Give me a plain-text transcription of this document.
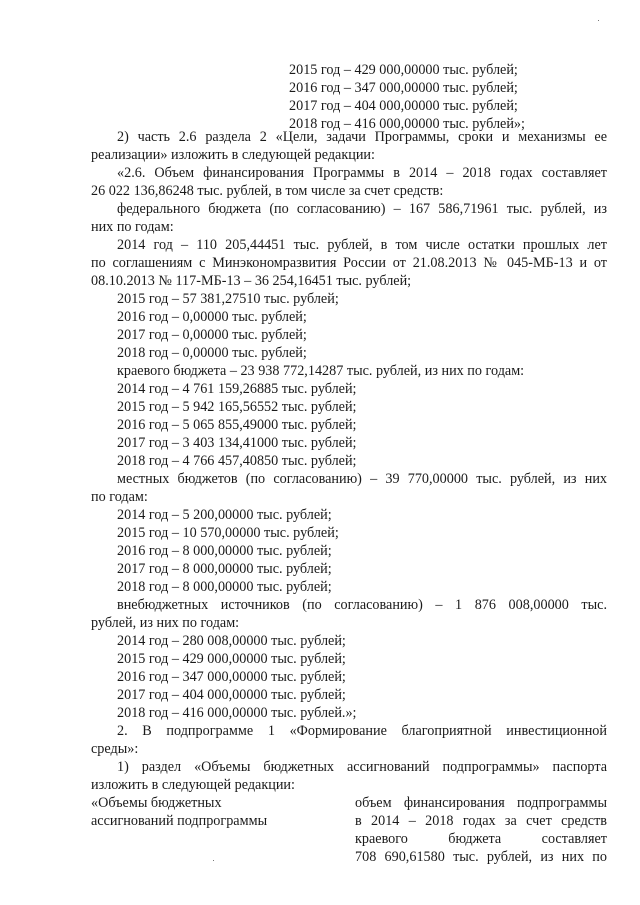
2015 год – 429 000,00000 тыс. рублей;
2016 год – 347 000,00000 тыс. рублей;
2017 год – 404 000,00000 тыс. рублей;
2018 год – 416 000,00000 тыс. рублей»;
2) часть 2.6 раздела 2 «Цели, задачи Программы, сроки и механизмы ее
реализации» изложить в следующей редакции:
«2.6. Объем финансирования Программы в 2014 – 2018 годах составляет
26 022 136,86248 тыс. рублей, в том числе за счет средств:
федерального бюджета (по согласованию) – 167 586,71961 тыс. рублей, из
них по годам:
2014 год – 110 205,44451 тыс. рублей, в том числе остатки прошлых лет
по соглашениям с Минэкономразвития России от 21.08.2013 № 045-МБ-13 и от
08.10.2013 № 117-МБ-13 – 36 254,16451 тыс. рублей;
2015 год – 57 381,27510 тыс. рублей;
2016 год – 0,00000 тыс. рублей;
2017 год – 0,00000 тыс. рублей;
2018 год – 0,00000 тыс. рублей;
краевого бюджета – 23 938 772,14287 тыс. рублей, из них по годам:
2014 год – 4 761 159,26885 тыс. рублей;
2015 год – 5 942 165,56552 тыс. рублей;
2016 год – 5 065 855,49000 тыс. рублей;
2017 год – 3 403 134,41000 тыс. рублей;
2018 год – 4 766 457,40850 тыс. рублей;
местных бюджетов (по согласованию) – 39 770,00000 тыс. рублей, из них
по годам:
2014 год – 5 200,00000 тыс. рублей;
2015 год – 10 570,00000 тыс. рублей;
2016 год – 8 000,00000 тыс. рублей;
2017 год – 8 000,00000 тыс. рублей;
2018 год – 8 000,00000 тыс. рублей;
внебюджетных источников (по согласованию) – 1 876 008,00000 тыс.
рублей, из них по годам:
2014 год – 280 008,00000 тыс. рублей;
2015 год – 429 000,00000 тыс. рублей;
2016 год – 347 000,00000 тыс. рублей;
2017 год – 404 000,00000 тыс. рублей;
2018 год – 416 000,00000 тыс. рублей.»;
2. В подпрограмме 1 «Формирование благоприятной инвестиционной
среды»:
1) раздел «Объемы бюджетных ассигнований подпрограммы» паспорта
изложить в следующей редакции:
«Объемы бюджетных
ассигнований подпрограммы
объем финансирования подпрограммы
в 2014 – 2018 годах за счет средств
краевого бюджета составляет
708 690,61580 тыс. рублей, из них по
